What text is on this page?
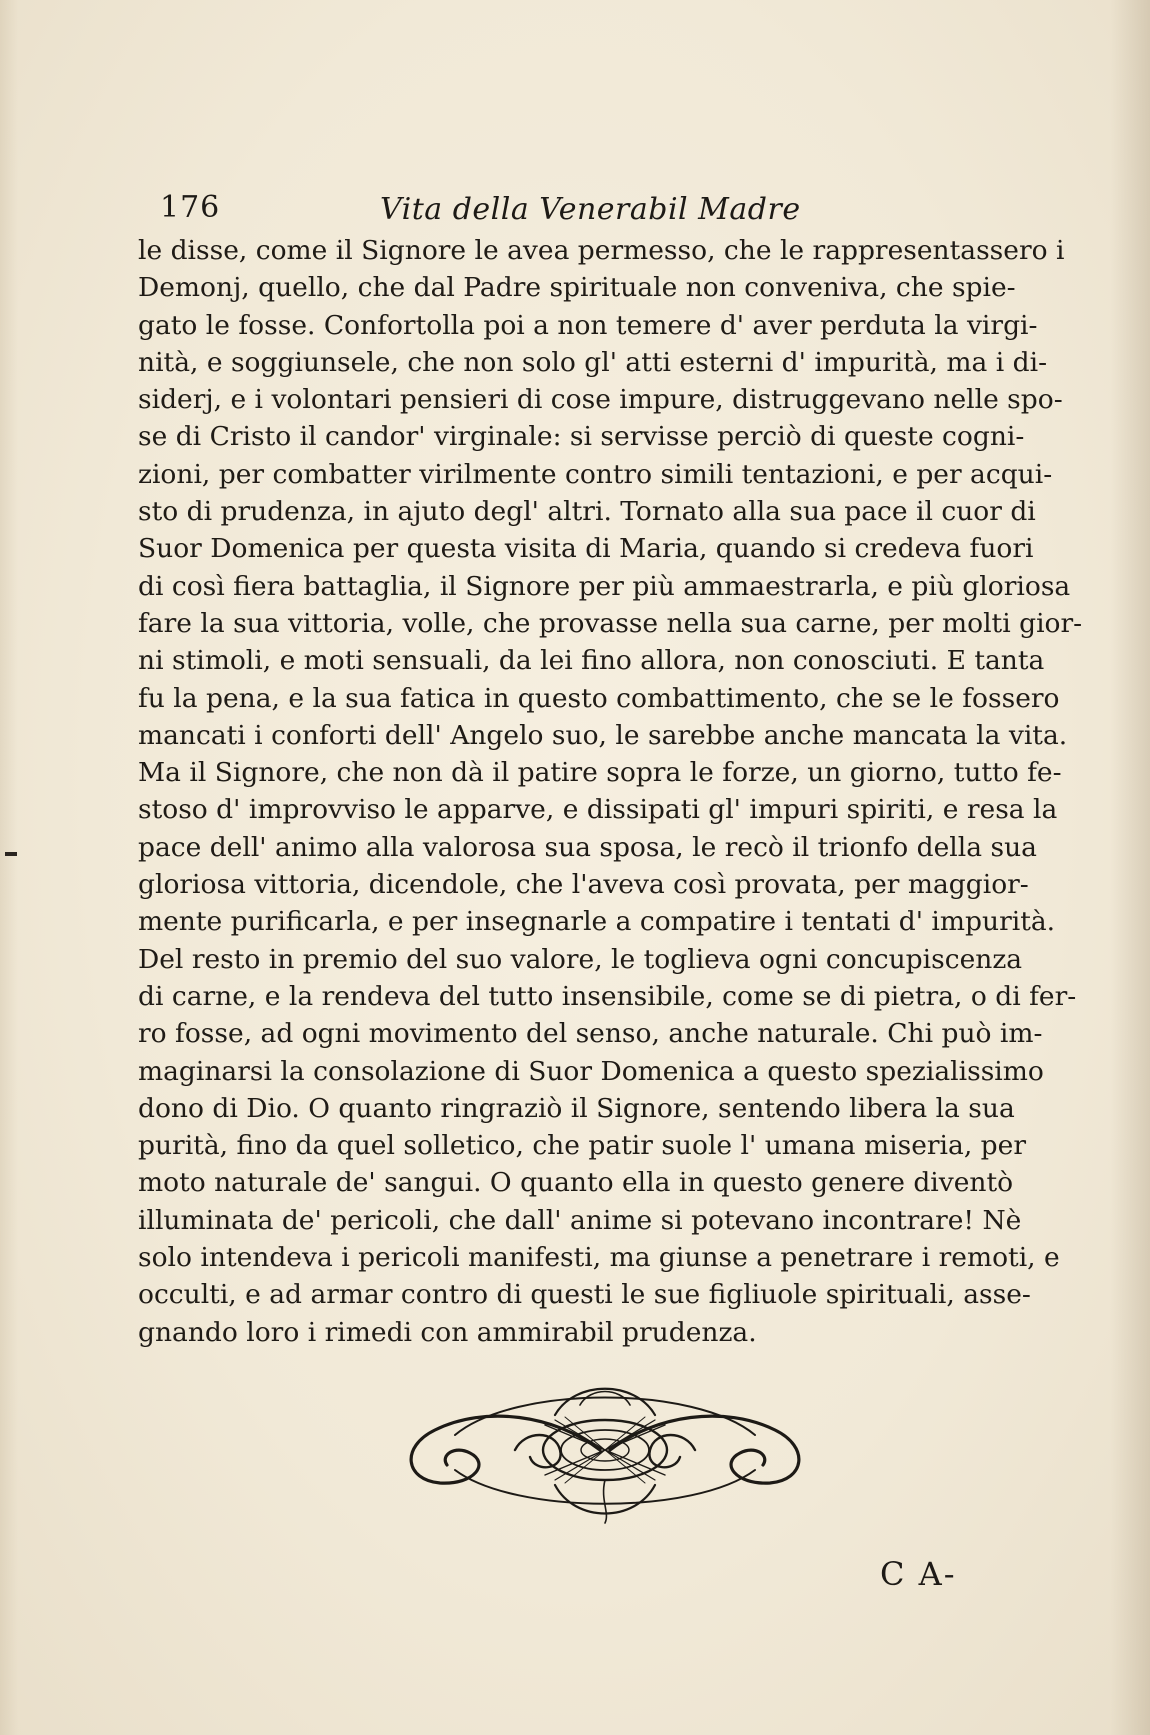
176	Vita della Venerabil Madre
le disse, come il Signore le avea permesso, che le rappresentassero i
Demonj, quello, che dal Padre spirituale non conveniva, che spie-
gato le fosse. Confortolla poi a non temere d' aver perduta la virgi-
nità, e soggiunsele, che non solo gl' atti esterni d' impurità, ma i di-
siderj, e i volontari pensieri di cose impure, distruggevano nelle spo-
se di Cristo il candor' virginale: si servisse perciò di queste cogni-
zioni, per combatter virilmente contro simili tentazioni, e per acqui-
sto di prudenza, in ajuto degl' altri. Tornato alla sua pace il cuor di
Suor Domenica per questa visita di Maria, quando si credeva fuori
di così fiera battaglia, il Signore per più ammaestrarla, e più gloriosa
fare la sua vittoria, volle, che provasse nella sua carne, per molti gior-
ni stimoli, e moti sensuali, da lei fino allora, non conosciuti. E tanta
fu la pena, e la sua fatica in questo combattimento, che se le fossero
mancati i conforti dell' Angelo suo, le sarebbe anche mancata la vita.
Ma il Signore, che non dà il patire sopra le forze, un giorno, tutto fe-
stoso d' improvviso le apparve, e dissipati gl' impuri spiriti, e resa la
pace dell' animo alla valorosa sua sposa, le recò il trionfo della sua
gloriosa vittoria, dicendole, che l'aveva così provata, per maggior-
mente purificarla, e per insegnarle a compatire i tentati d' impurità.
Del resto in premio del suo valore, le toglieva ogni concupiscenza
di carne, e la rendeva del tutto insensibile, come se di pietra, o di fer-
ro fosse, ad ogni movimento del senso, anche naturale. Chi può im-
maginarsi la consolazione di Suor Domenica a questo spezialissimo
dono di Dio. O quanto ringraziò il Signore, sentendo libera la sua
purità, fino da quel solletico, che patir suole l' umana miseria, per
moto naturale de' sangui. O quanto ella in questo genere diventò
illuminata de' pericoli, che dall' anime si potevano incontrare! Nè
solo intendeva i pericoli manifesti, ma giunse a penetrare i remoti, e
occulti, e ad armar contro di questi le sue figliuole spirituali, asse-
gnando loro i rimedi con ammirabil prudenza.
C A-
